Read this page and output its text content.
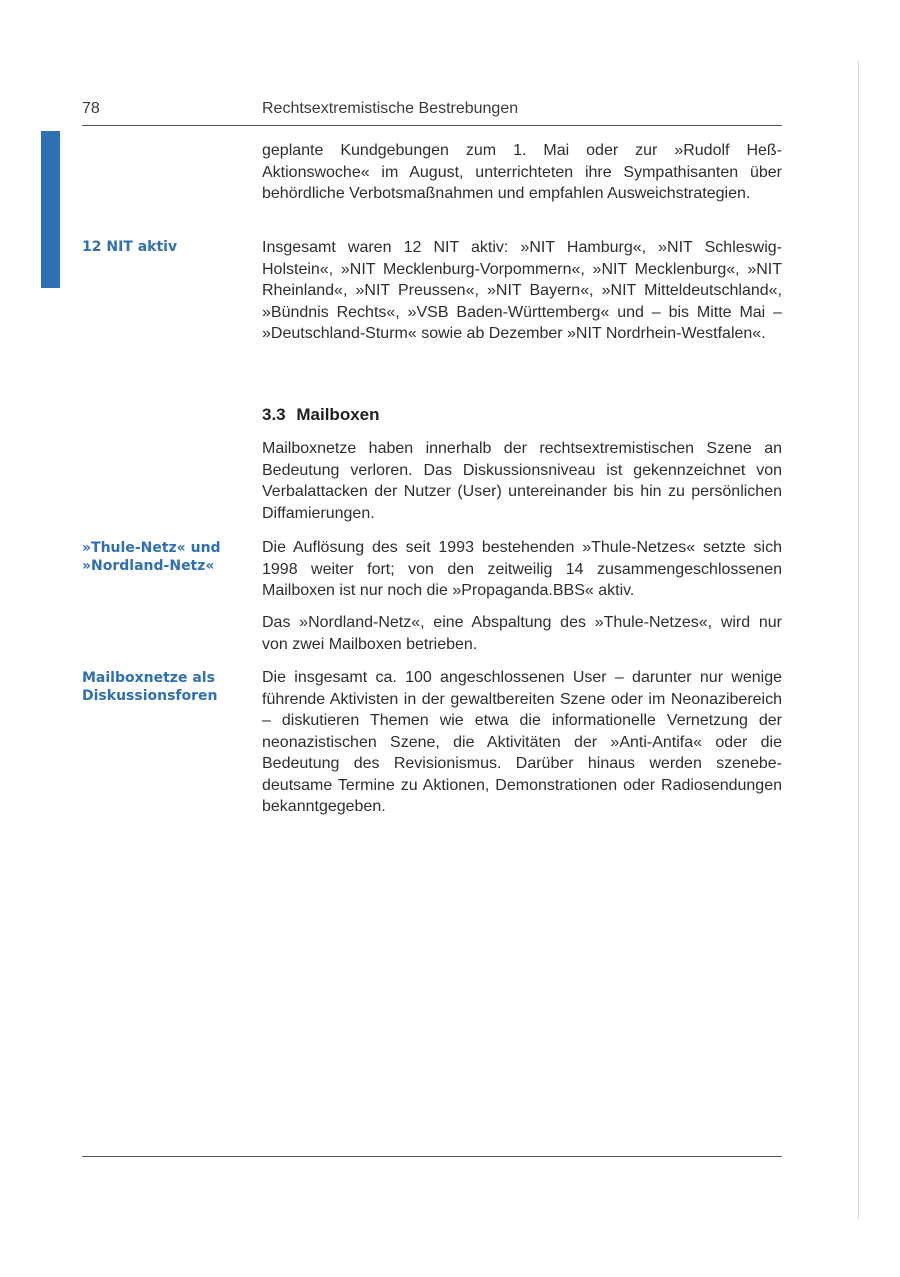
78	Rechtsextremistische Bestrebungen

12 NIT aktiv

»Thule-Netz« und
»Nordland-Netz«

Mailboxnetze als
Diskussionsforen

geplante Kundgebungen zum 1. Mai oder zur »Rudolf Heß-Aktionswoche« im August, unterrichteten ihre Sympathisanten über behördliche Verbotsmaßnahmen und empfahlen Ausweichstrategien.

Insgesamt waren 12 NIT aktiv: »NIT Hamburg«, »NIT Schleswig-Holstein«, »NIT Mecklenburg-Vorpommern«, »NIT Mecklenburg«, »NIT Rheinland«, »NIT Preussen«, »NIT Bayern«, »NIT Mitteldeutschland«, »Bündnis Rechts«, »VSB Baden-Württemberg« und – bis Mitte Mai – »Deutschland-Sturm« sowie ab Dezember »NIT Nordrhein-Westfalen«.

3.3 Mailboxen

Mailboxnetze haben innerhalb der rechtsextremistischen Szene an Bedeutung verloren. Das Diskussionsniveau ist gekennzeichnet von Verbalattacken der Nutzer (User) untereinander bis hin zu persönlichen Diffamierungen.

Die Auflösung des seit 1993 bestehenden »Thule-Netzes« setzte sich 1998 weiter fort; von den zeitweilig 14 zusammengeschlossenen Mailboxen ist nur noch die »Propaganda.BBS« aktiv.

Das »Nordland-Netz«, eine Abspaltung des »Thule-Netzes«, wird nur von zwei Mailboxen betrieben.

Die insgesamt ca. 100 angeschlossenen User – darunter nur wenige führende Aktivisten in der gewaltbereiten Szene oder im Neonazibereich – diskutieren Themen wie etwa die informationelle Vernetzung der neonazistischen Szene, die Aktivitäten der »Anti-Antifa« oder die Bedeutung des Revisionismus. Darüber hinaus werden szenebedeutsame Termine zu Aktionen, Demonstrationen oder Radiosendungen bekanntgegeben.
